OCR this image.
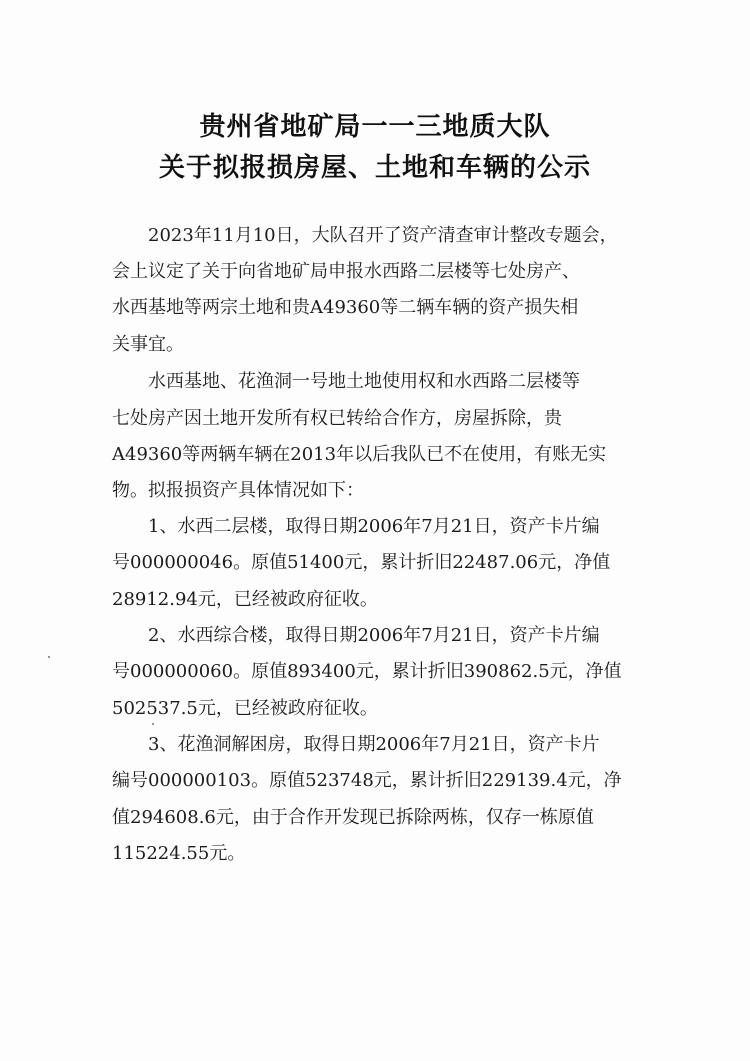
贵州省地矿局一一三地质大队
关于拟报损房屋、土地和车辆的公示
2023年11月10日，大队召开了资产清查审计整改专题会，
会上议定了关于向省地矿局申报水西路二层楼等七处房产、
水西基地等两宗土地和贵A49360等二辆车辆的资产损失相
关事宜。
水西基地、花渔洞一号地土地使用权和水西路二层楼等
七处房产因土地开发所有权已转给合作方，房屋拆除，贵
A49360等两辆车辆在2013年以后我队已不在使用，有账无实
物。拟报损资产具体情况如下：
1、水西二层楼，取得日期2006年7月21日，资产卡片编
号000000046。原值51400元，累计折旧22487.06元，净值
28912.94元，已经被政府征收。
2、水西综合楼，取得日期2006年7月21日，资产卡片编
号000000060。原值893400元，累计折旧390862.5元，净值
502537.5元，已经被政府征收。
3、花渔洞解困房，取得日期2006年7月21日，资产卡片
编号000000103。原值523748元，累计折旧229139.4元，净
值294608.6元，由于合作开发现已拆除两栋，仅存一栋原值
115224.55元。
